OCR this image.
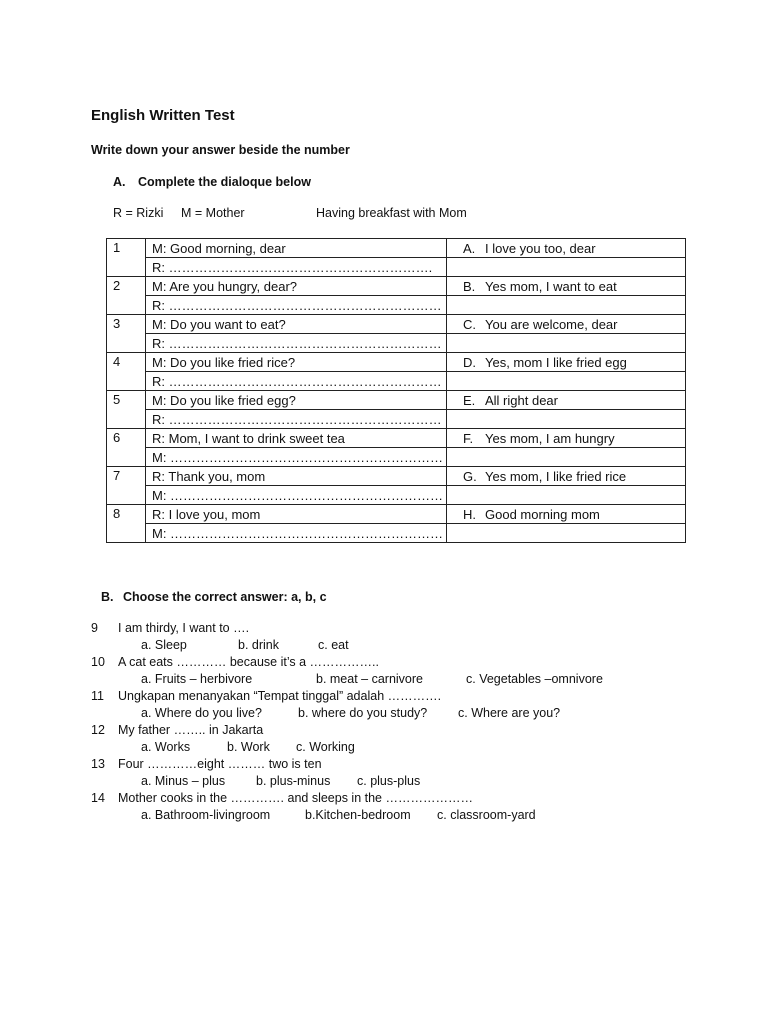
English Written Test
Write down your answer beside the number
A. Complete the dialoque below
R = Rizki M = Mother	Having breakfast with Mom
1	M: Good morning, dear	A. I love you too, dear
	R: …………………………………………………….	
2	M: Are you hungry, dear?	B. Yes mom, I want to eat
	R: ………………………………………………………	
3	M: Do you want to eat?	C. You are welcome, dear
	R: ………………………………………………………	
4	M: Do you like fried rice?	D. Yes, mom I like fried egg
	R: ………………………………………………………	
5	M: Do you like fried egg?	E. All right dear
	R: ………………………………………………………	
6	R: Mom, I want to drink sweet tea	F. Yes mom, I am hungry
	M: ………………………………………………………	
7	R: Thank you, mom	G. Yes mom, I like fried rice
	M: ………………………………………………………	
8	R: I love you, mom	H. Good morning mom
	M: ………………………………………………………	
B. Choose the correct answer: a, b, c
9 I am thirdy, I want to ….
a. Sleep	b. drink	c. eat
10 A cat eats ………… because it’s a ……………..
a. Fruits – herbivore	b. meat – carnivore	c. Vegetables –omnivore
11 Ungkapan menanyakan “Tempat tinggal” adalah ………….
a. Where do you live?	b. where do you study? c. Where are you?
12 My father …….. in Jakarta
a. Works	b. Work c. Working
13 Four …………eight ……… two is ten
a. Minus – plus b. plus-minus c. plus-plus
14 Mother cooks in the …………. and sleeps in the …………………
a. Bathroom-livingroom	b.Kitchen-bedroom c. classroom-yard
